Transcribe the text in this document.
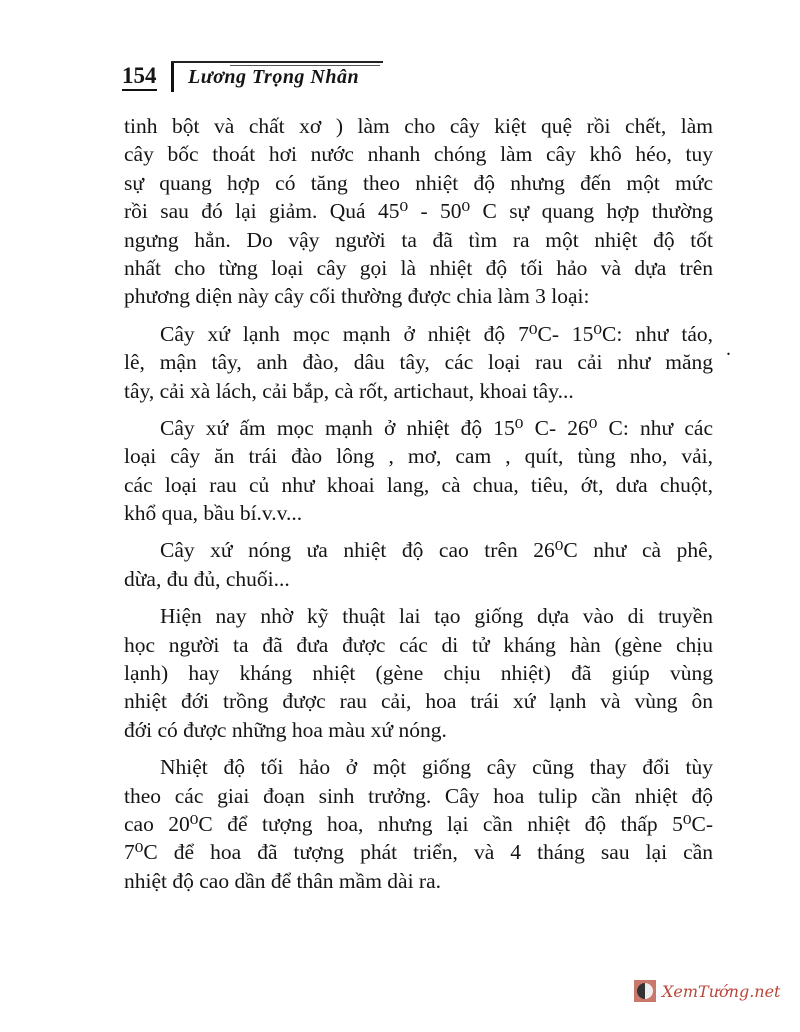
154 Lương Trọng Nhân
tinh bột và chất xơ ) làm cho cây kiệt quệ rồi chết, làm
cây bốc thoát hơi nước nhanh chóng làm cây khô héo, tuy
sự quang hợp có tăng theo nhiệt độ nhưng đến một mức
rồi sau đó lại giảm. Quá 45⁰ - 50⁰ C sự quang hợp thường
ngưng hẳn. Do vậy người ta đã tìm ra một nhiệt độ tốt
nhất cho từng loại cây gọi là nhiệt độ tối hảo và dựa trên
phương diện này cây cối thường được chia làm 3 loại:
Cây xứ lạnh mọc mạnh ở nhiệt độ 7⁰C- 15⁰C: như táo,
lê, mận tây, anh đào, dâu tây, các loại rau cải như măng
tây, cải xà lách, cải bắp, cà rốt, artichaut, khoai tây...
Cây xứ ấm mọc mạnh ở nhiệt độ 15⁰ C- 26⁰ C: như các
loại cây ăn trái đào lông , mơ, cam , quít, tùng nho, vải,
các loại rau củ như khoai lang, cà chua, tiêu, ớt, dưa chuột,
khổ qua, bầu bí.v.v...
Cây xứ nóng ưa nhiệt độ cao trên 26⁰C như cà phê,
dừa, đu đủ, chuối...
Hiện nay nhờ kỹ thuật lai tạo giống dựa vào di truyền
học người ta đã đưa được các di tử kháng hàn (gène chịu
lạnh) hay kháng nhiệt (gène chịu nhiệt) đã giúp vùng
nhiệt đới trồng được rau cải, hoa trái xứ lạnh và vùng ôn
đới có được những hoa màu xứ nóng.
Nhiệt độ tối hảo ở một giống cây cũng thay đổi tùy
theo các giai đoạn sinh trưởng. Cây hoa tulip cần nhiệt độ
cao 20⁰C để tượng hoa, nhưng lại cần nhiệt độ thấp 5⁰C-
7⁰C để hoa đã tượng phát triển, và 4 tháng sau lại cần
nhiệt độ cao dần để thân mầm dài ra.
.
XemTướng.net
